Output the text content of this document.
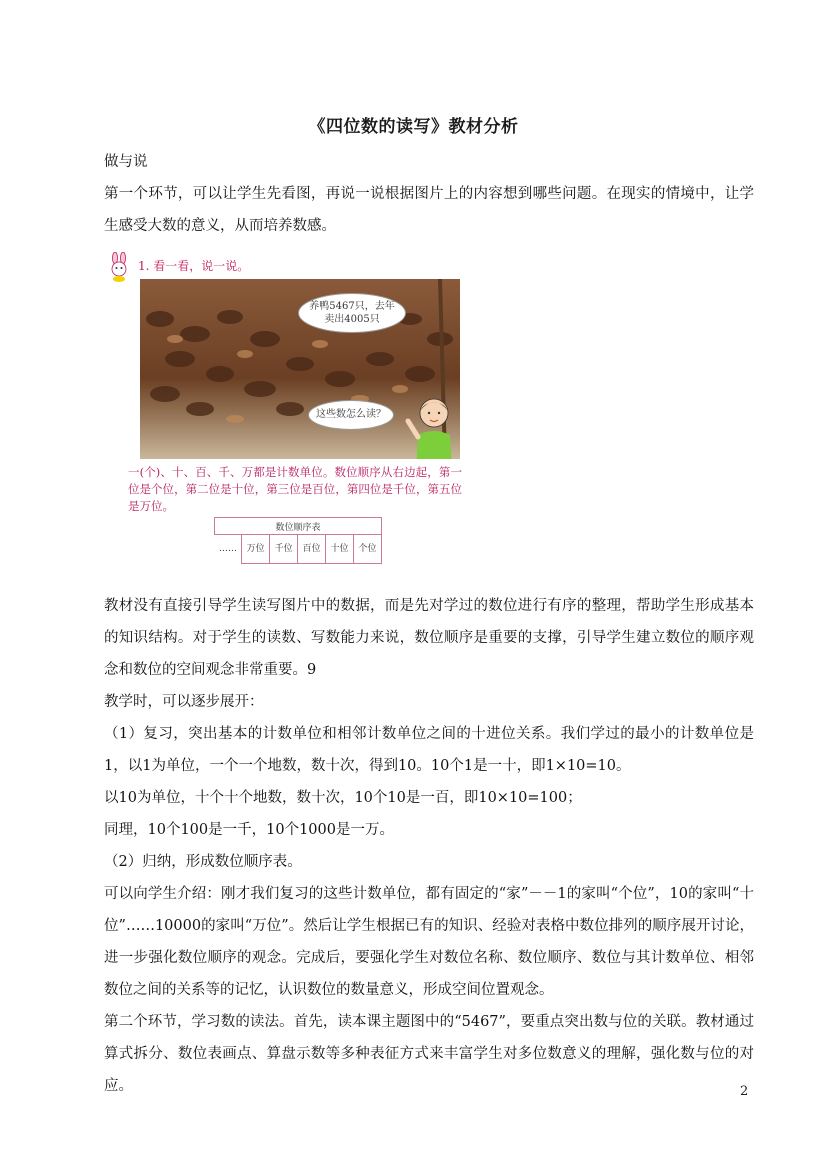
《四位数的读写》教材分析

做与说

第一个环节，可以让学生先看图，再说一说根据图片上的内容想到哪些问题。在现实的情境中，让学生感受大数的意义，从而培养数感。

1. 看一看，说一说。
养鸭5467只，去年
卖出4005只
这些数怎么读？
一(个)、十、百、千、万都是计数单位。数位顺序从右边起，第一位是个位，第二位是十位，第三位是百位，第四位是千位，第五位是万位。
数位顺序表
……	万位	千位	百位	十位	个位

教材没有直接引导学生读写图片中的数据，而是先对学过的数位进行有序的整理，帮助学生形成基本的知识结构。对于学生的读数、写数能力来说，数位顺序是重要的支撑，引导学生建立数位的顺序观念和数位的空间观念非常重要。9

教学时，可以逐步展开：

（1）复习，突出基本的计数单位和相邻计数单位之间的十进位关系。我们学过的最小的计数单位是1，以1为单位，一个一个地数，数十次，得到10。10个1是一十，即1×10=10。

以10为单位，十个十个地数，数十次，10个10是一百，即10×10=100；

同理，10个100是一千，10个1000是一万。

（2）归纳，形成数位顺序表。

可以向学生介绍：刚才我们复习的这些计数单位，都有固定的“家”－－1的家叫“个位”，10的家叫“十位”……10000的家叫“万位”。然后让学生根据已有的知识、经验对表格中数位排列的顺序展开讨论，进一步强化数位顺序的观念。完成后，要强化学生对数位名称、数位顺序、数位与其计数单位、相邻数位之间的关系等的记忆，认识数位的数量意义，形成空间位置观念。

第二个环节，学习数的读法。首先，读本课主题图中的“5467”，要重点突出数与位的关联。教材通过算式拆分、数位表画点、算盘示数等多种表征方式来丰富学生对多位数意义的理解，强化数与位的对应。	2
